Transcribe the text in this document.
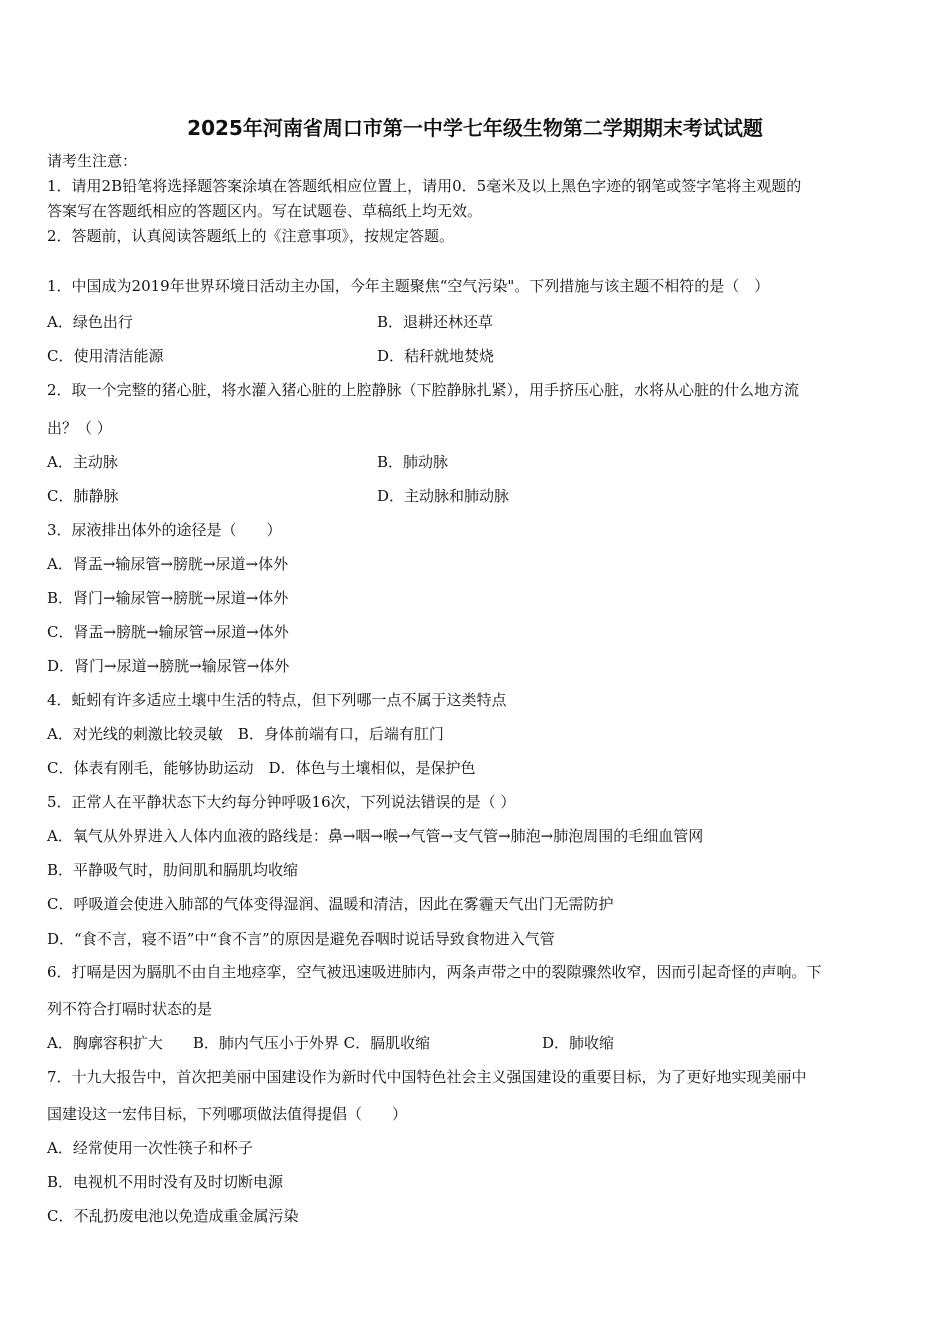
2025年河南省周口市第一中学七年级生物第二学期期末考试试题
请考生注意：
1．请用2B铅笔将选择题答案涂填在答题纸相应位置上，请用0．5毫米及以上黑色字迹的钢笔或签字笔将主观题的
答案写在答题纸相应的答题区内。写在试题卷、草稿纸上均无效。
2．答题前，认真阅读答题纸上的《注意事项》，按规定答题。
1．中国成为2019年世界环境日活动主办国，今年主题聚焦“空气污染"。下列措施与该主题不相符的是（　）
A．绿色出行	B．退耕还林还草
C．使用清洁能源	D．秸秆就地焚烧
2．取一个完整的猪心脏，将水灌入猪心脏的上腔静脉（下腔静脉扎紧），用手挤压心脏，水将从心脏的什么地方流
出？（ ）
A．主动脉	B．肺动脉
C．肺静脉	D．主动脉和肺动脉
3．尿液排出体外的途径是（　　）
A．肾盂→输尿管→膀胱→尿道→体外
B．肾门→输尿管→膀胱→尿道→体外
C．肾盂→膀胱→输尿管→尿道→体外
D．肾门→尿道→膀胱→输尿管→体外
4．蚯蚓有许多适应土壤中生活的特点，但下列哪一点不属于这类特点
A．对光线的刺激比较灵敏　B．身体前端有口，后端有肛门
C．体表有刚毛，能够协助运动　D．体色与土壤相似，是保护色
5．正常人在平静状态下大约每分钟呼吸16次，下列说法错误的是（ ）
A．氧气从外界进入人体内血液的路线是：鼻→咽→喉→气管→支气管→肺泡→肺泡周围的毛细血管网
B．平静吸气时，肋间肌和膈肌均收缩
C．呼吸道会使进入肺部的气体变得湿润、温暖和清洁，因此在雾霾天气出门无需防护
D．“食不言，寝不语”中“食不言”的原因是避免吞咽时说话导致食物进入气管
6．打嗝是因为膈肌不由自主地痉挛，空气被迅速吸进肺内，两条声带之中的裂隙骤然收窄，因而引起奇怪的声响。下
列不符合打嗝时状态的是
A．胸廓容积扩大　　B．肺内气压小于外界 C．膈肌收缩	D．肺收缩
7．十九大报告中，首次把美丽中国建设作为新时代中国特色社会主义强国建设的重要目标，为了更好地实现美丽中
国建设这一宏伟目标，下列哪项做法值得提倡（　　）
A．经常使用一次性筷子和杯子
B．电视机不用时没有及时切断电源
C．不乱扔废电池以免造成重金属污染
